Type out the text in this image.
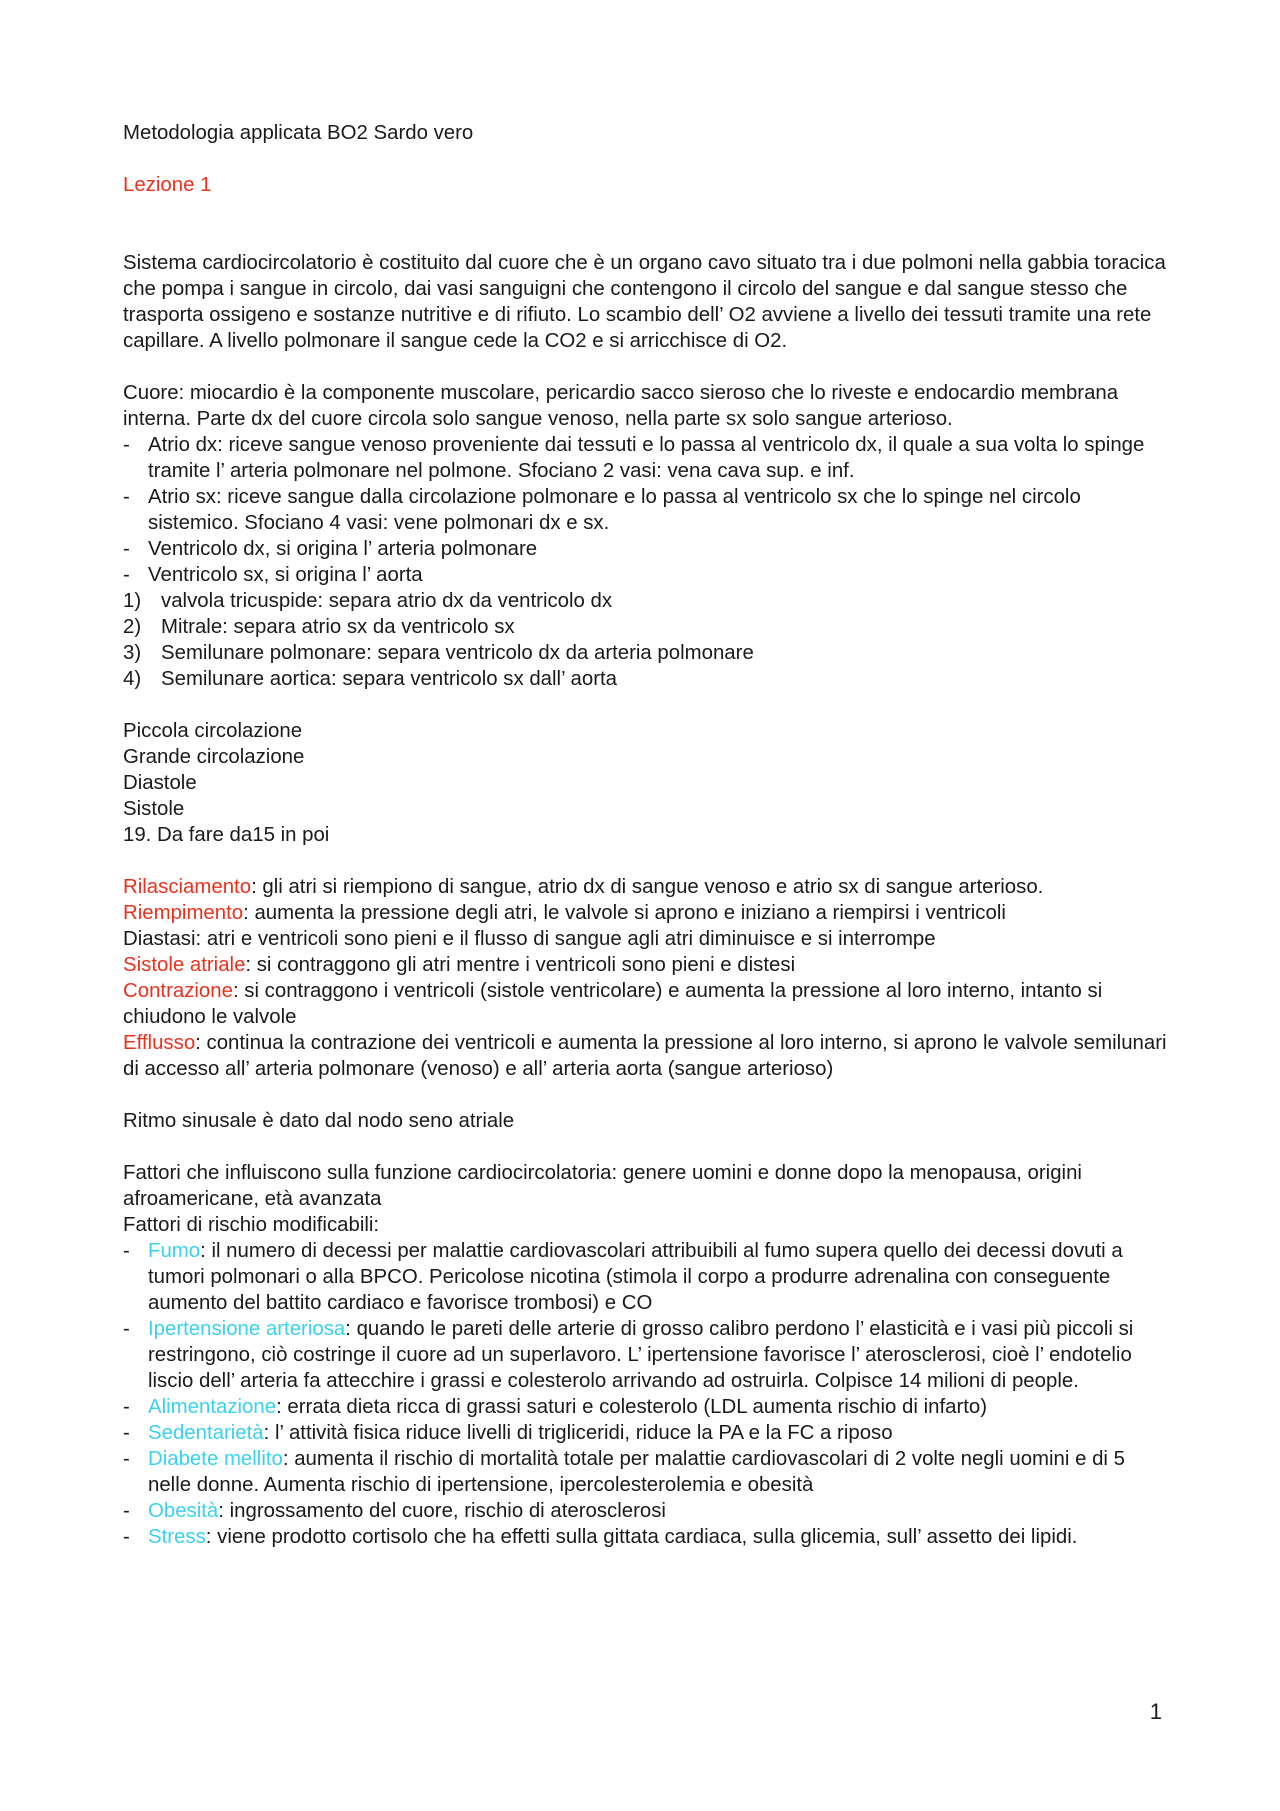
Metodologia applicata BO2 Sardo vero

Lezione 1

Sistema cardiocircolatorio è costituito dal cuore che è un organo cavo situato tra i due polmoni nella gabbia toracica che pompa i sangue in circolo, dai vasi sanguigni che contengono il circolo del sangue e dal sangue stesso che trasporta ossigeno e sostanze nutritive e di rifiuto. Lo scambio dell’ O2 avviene a livello dei tessuti tramite una rete capillare. A livello polmonare il sangue cede la CO2 e si arricchisce di O2.

Cuore: miocardio è la componente muscolare, pericardio sacco sieroso che lo riveste e endocardio membrana interna. Parte dx del cuore circola solo sangue venoso, nella parte sx solo sangue arterioso.

- Atrio dx: riceve sangue venoso proveniente dai tessuti e lo passa al ventricolo dx, il quale a sua volta lo spinge tramite l’ arteria polmonare nel polmone. Sfociano 2 vasi: vena cava sup. e inf.
- Atrio sx: riceve sangue dalla circolazione polmonare e lo passa al ventricolo sx che lo spinge nel circolo sistemico. Sfociano 4 vasi: vene polmonari dx e sx.
- Ventricolo dx, si origina l’ arteria polmonare
- Ventricolo sx, si origina l’ aorta
1) valvola tricuspide: separa atrio dx da ventricolo dx
2) Mitrale: separa atrio sx da ventricolo sx
3) Semilunare polmonare: separa ventricolo dx da arteria polmonare
4) Semilunare aortica: separa ventricolo sx dall’ aorta

Piccola circolazione

Grande circolazione

Diastole

Sistole

19. Da fare da15 in poi

Rilasciamento: gli atri si riempiono di sangue, atrio dx di sangue venoso e atrio sx di sangue arterioso.

Riempimento: aumenta la pressione degli atri, le valvole si aprono e iniziano a riempirsi i ventricoli

Diastasi: atri e ventricoli sono pieni e il flusso di sangue agli atri diminuisce e si interrompe

Sistole atriale: si contraggono gli atri mentre i ventricoli sono pieni e distesi

Contrazione: si contraggono i ventricoli (sistole ventricolare) e aumenta la pressione al loro interno, intanto si chiudono le valvole

Efflusso: continua la contrazione dei ventricoli e aumenta la pressione al loro interno, si aprono le valvole semilunari di accesso all’ arteria polmonare (venoso) e all’ arteria aorta (sangue arterioso)

Ritmo sinusale è dato dal nodo seno atriale

Fattori che influiscono sulla funzione cardiocircolatoria: genere uomini e donne dopo la menopausa, origini afroamericane, età avanzata

Fattori di rischio modificabili:

- Fumo: il numero di decessi per malattie cardiovascolari attribuibili al fumo supera quello dei decessi dovuti a tumori polmonari o alla BPCO. Pericolose nicotina (stimola il corpo a produrre adrenalina con conseguente aumento del battito cardiaco e favorisce trombosi) e CO
- Ipertensione arteriosa: quando le pareti delle arterie di grosso calibro perdono l’ elasticità e i vasi più piccoli si restringono, ciò costringe il cuore ad un superlavoro. L’ ipertensione favorisce l’ aterosclerosi, cioè l’ endotelio liscio dell’ arteria fa attecchire i grassi e colesterolo arrivando ad ostruirla. Colpisce 14 milioni di people.
- Alimentazione: errata dieta ricca di grassi saturi e colesterolo (LDL aumenta rischio di infarto)
- Sedentarietà: l’ attività fisica riduce livelli di trigliceridi, riduce la PA e la FC a riposo
- Diabete mellito: aumenta il rischio di mortalità totale per malattie cardiovascolari di 2 volte negli uomini e di 5 nelle donne. Aumenta rischio di ipertensione, ipercolesterolemia e obesità
- Obesità: ingrossamento del cuore, rischio di aterosclerosi
- Stress: viene prodotto cortisolo che ha effetti sulla gittata cardiaca, sulla glicemia, sull’ assetto dei lipidi.
1
